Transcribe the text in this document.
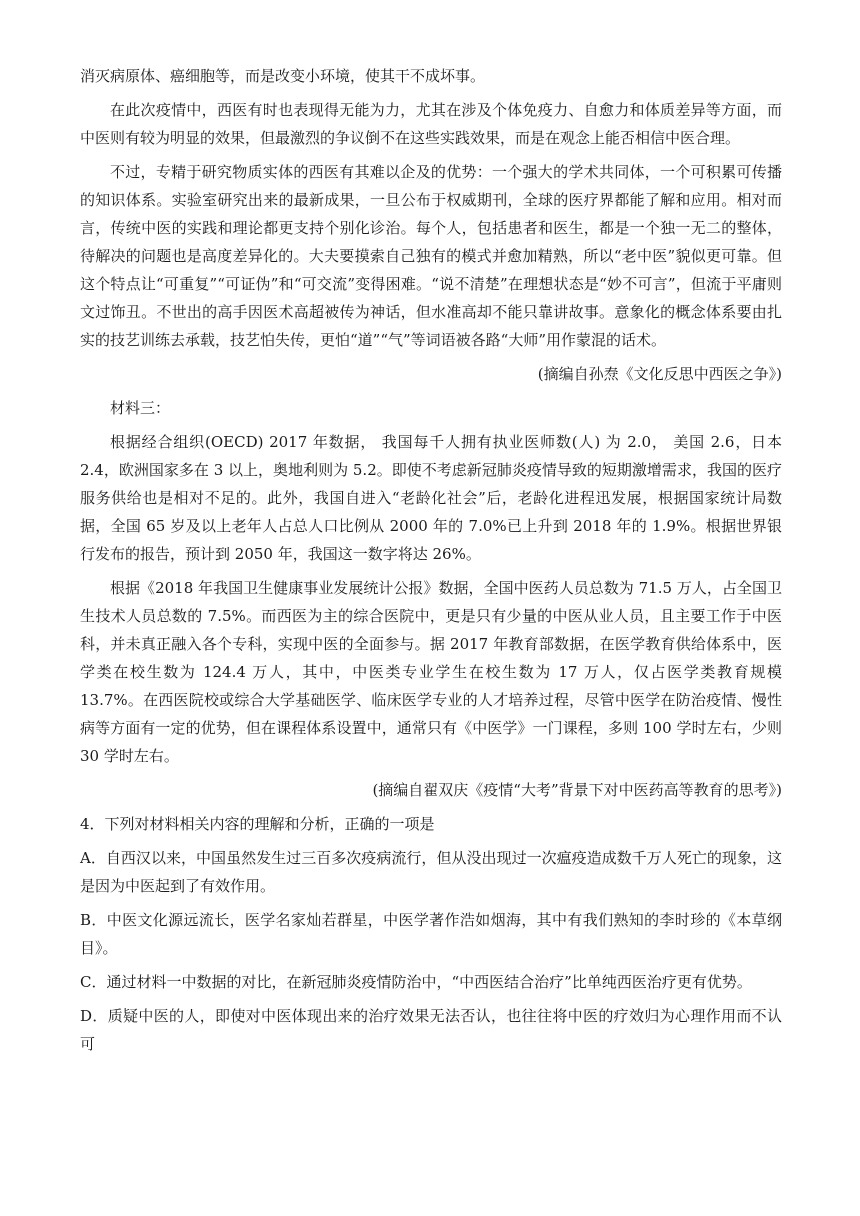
消灭病原体、癌细胞等，而是改变小环境，使其干不成坏事。

在此次疫情中，西医有时也表现得无能为力，尤其在涉及个体免疫力、自愈力和体质差异等方面，而中医则有较为明显的效果，但最激烈的争议倒不在这些实践效果，而是在观念上能否相信中医合理。

不过，专精于研究物质实体的西医有其难以企及的优势：一个强大的学术共同体，一个可积累可传播的知识体系。实验室研究出来的最新成果，一旦公布于权威期刊，全球的医疗界都能了解和应用。相对而言，传统中医的实践和理论都更支持个别化诊治。每个人，包括患者和医生，都是一个独一无二的整体，待解决的问题也是高度差异化的。大夫要摸索自己独有的模式并愈加精熟，所以“老中医”貌似更可靠。但这个特点让“可重复”“可证伪”和“可交流”变得困难。“说不清楚”在理想状态是“妙不可言”，但流于平庸则文过饰丑。不世出的高手因医术高超被传为神话，但水准高却不能只靠讲故事。意象化的概念体系要由扎实的技艺训练去承载，技艺怕失传，更怕“道”“气”等词语被各路“大师”用作蒙混的话术。

(摘编自孙焘《文化反思中西医之争》)

材料三：

根据经合组织(OECD) 2017 年数据， 我国每千人拥有执业医师数(人) 为 2.0， 美国 2.6，日本 2.4，欧洲国家多在 3 以上，奥地利则为 5.2。即使不考虑新冠肺炎疫情导致的短期激增需求，我国的医疗服务供给也是相对不足的。此外，我国自进入“老龄化社会”后，老龄化进程迅发展，根据国家统计局数据，全国 65 岁及以上老年人占总人口比例从 2000 年的 7.0%已上升到 2018 年的 1.9%。根据世界银行发布的报告，预计到 2050 年，我国这一数字将达 26%。

根据《2018 年我国卫生健康事业发展统计公报》数据，全国中医药人员总数为 71.5 万人，占全国卫生技术人员总数的 7.5%。而西医为主的综合医院中，更是只有少量的中医从业人员，且主要工作于中医科，并未真正融入各个专科，实现中医的全面参与。据 2017 年教育部数据，在医学教育供给体系中，医学类在校生数为 124.4 万人，其中，中医类专业学生在校生数为 17 万人，仅占医学类教育规模 13.7%。在西医院校或综合大学基础医学、临床医学专业的人才培养过程，尽管中医学在防治疫情、慢性病等方面有一定的优势，但在课程体系设置中，通常只有《中医学》一门课程，多则 100 学时左右，少则 30 学时左右。

(摘编自翟双庆《疫情“大考”背景下对中医药高等教育的思考》)

4．下列对材料相关内容的理解和分析，正确的一项是

A．自西汉以来，中国虽然发生过三百多次疫病流行，但从没出现过一次瘟疫造成数千万人死亡的现象，这是因为中医起到了有效作用。

B．中医文化源远流长，医学名家灿若群星，中医学著作浩如烟海，其中有我们熟知的李时珍的《本草纲目》。

C．通过材料一中数据的对比，在新冠肺炎疫情防治中，“中西医结合治疗”比单纯西医治疗更有优势。

D．质疑中医的人，即使对中医体现出来的治疗效果无法否认，也往往将中医的疗效归为心理作用而不认可
